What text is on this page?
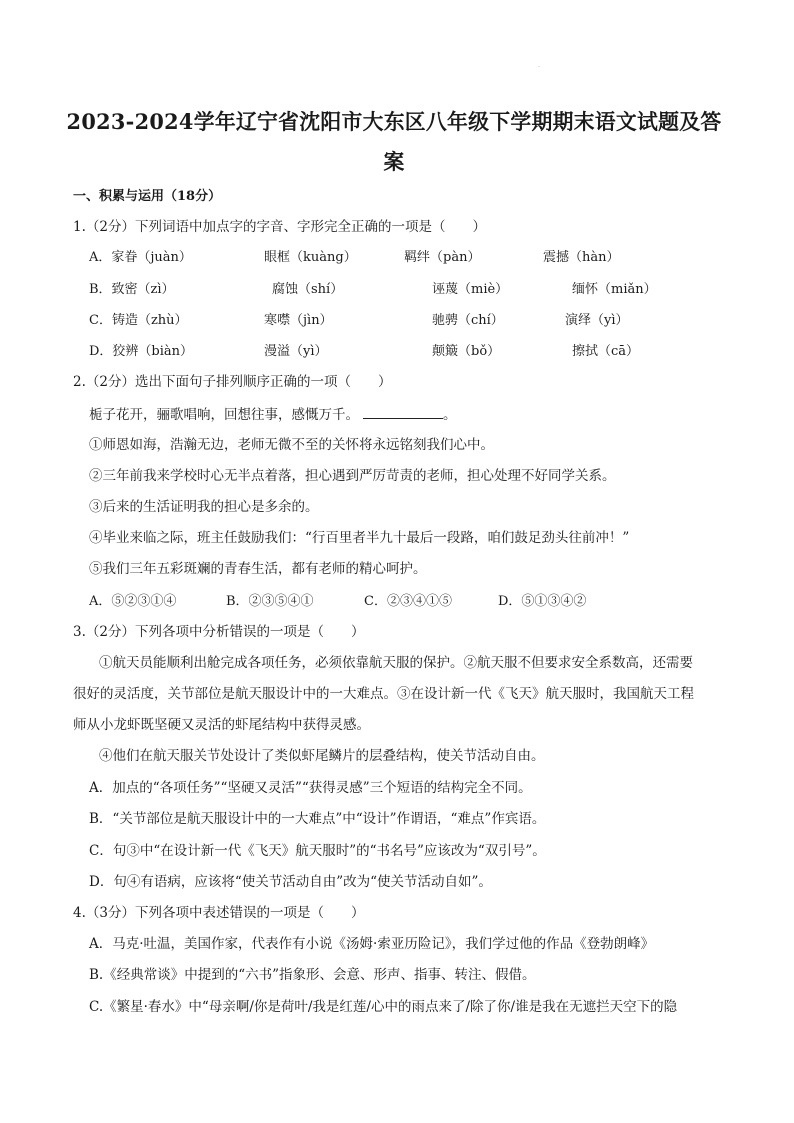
·
2023-2024学年辽宁省沈阳市大东区八年级下学期期末语文试题及答
案
一、积累与运用（18分）
1.（2分）下列词语中加点字的字音、字形完全正确的一项是（　　）
A．家眷（juàn）	眼框（kuàng）	羁绊（pàn）	震撼（hàn）
B．致密（zì）	腐蚀（shí）	诬蔑（miè）	缅怀（miǎn）
C．铸造（zhù）	寒噤（jìn）	驰骋（chí）	演绎（yì）
D．狡辨（biàn）	漫溢（yì）	颠簸（bǒ）	擦拭（cā）
2.（2分）选出下面句子排列顺序正确的一项（　　）
栀子花开，骊歌唱响，回想往事，感慨万千。	。
①师恩如海，浩瀚无边，老师无微不至的关怀将永远铭刻我们心中。
②三年前我来学校时心无半点着落，担心遇到严厉苛责的老师，担心处理不好同学关系。
③后来的生活证明我的担心是多余的。
④毕业来临之际，班主任鼓励我们：“行百里者半九十最后一段路，咱们鼓足劲头往前冲！”
⑤我们三年五彩斑斓的青春生活，都有老师的精心呵护。
A．⑤②③①④	B．②③⑤④①	C．②③④①⑤	D．⑤①③④②
3.（2分）下列各项中分析错误的一项是（　　）
①航天员能顺利出舱完成各项任务，必须依靠航天服的保护。②航天服不但要求安全系数高，还需要
很好的灵活度，关节部位是航天服设计中的一大难点。③在设计新一代《飞天》航天服时，我国航天工程
师从小龙虾既坚硬又灵活的虾尾结构中获得灵感。
④他们在航天服关节处设计了类似虾尾鳞片的层叠结构，使关节活动自由。
A．加点的“各项任务”“坚硬又灵活”“获得灵感”三个短语的结构完全不同。
B．“关节部位是航天服设计中的一大难点”中“设计”作谓语，“难点”作宾语。
C．句③中“在设计新一代《飞天》航天服时”的“书名号”应该改为“双引号”。
D．句④有语病，应该将“使关节活动自由”改为“使关节活动自如”。
4.（3分）下列各项中表述错误的一项是（　　）
A．马克·吐温，美国作家，代表作有小说《汤姆·索亚历险记》，我们学过他的作品《登勃朗峰》
B.《经典常谈》中提到的“六书”指象形、会意、形声、指事、转注、假借。
C.《繁星·春水》中“母亲啊/你是荷叶/我是红莲/心中的雨点来了/除了你/谁是我在无遮拦天空下的隐
